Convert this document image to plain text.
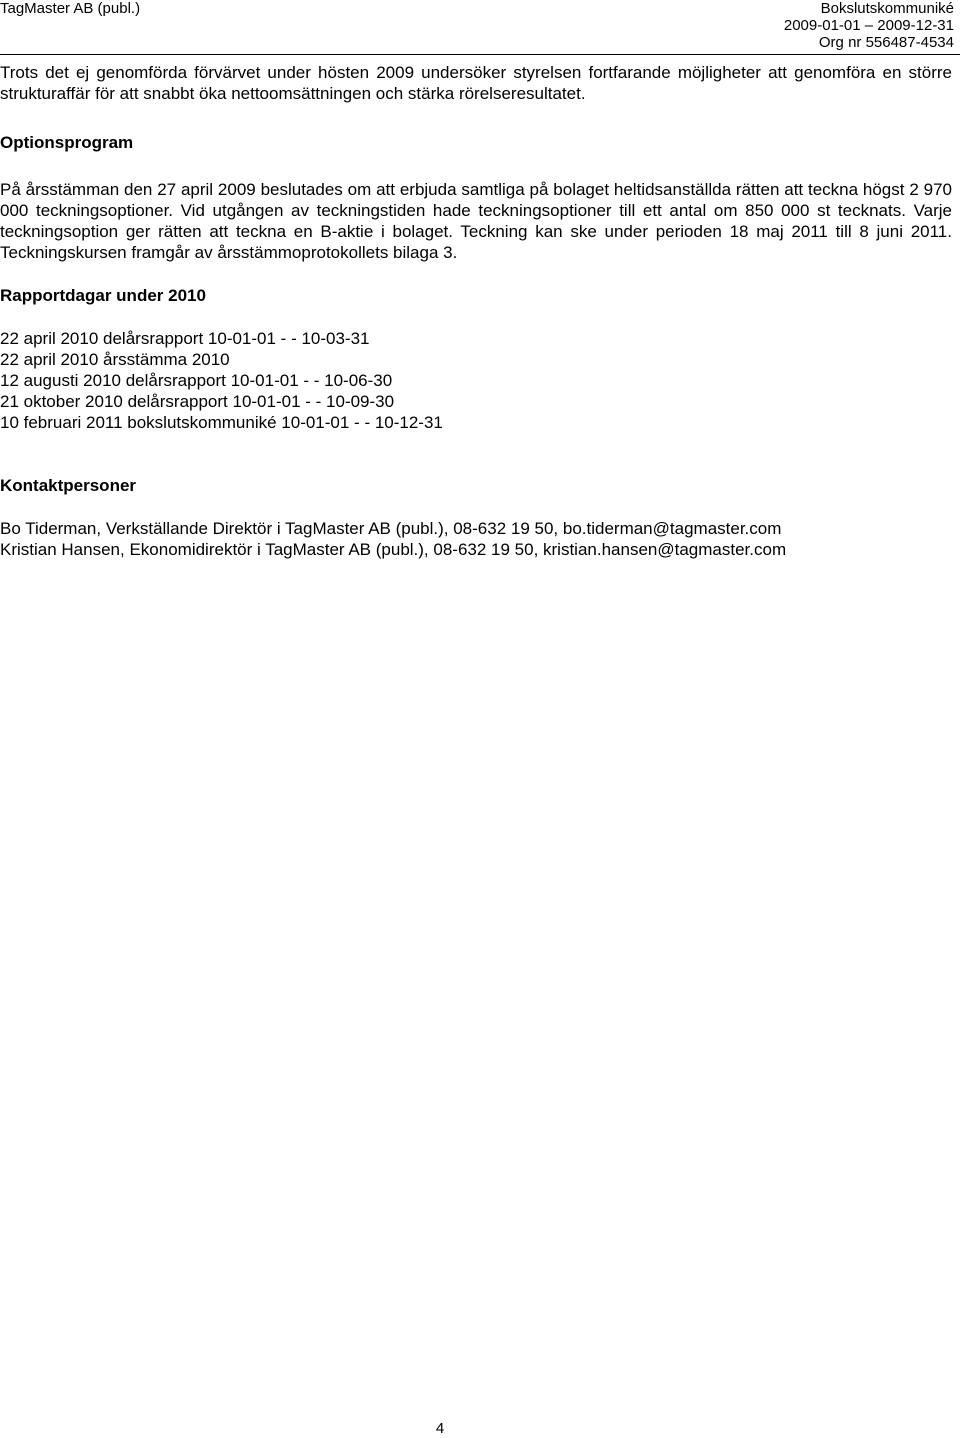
TagMaster AB (publ.)	Bokslutskommuniké
2009-01-01 – 2009-12-31
Org nr 556487-4534

Trots det ej genomförda förvärvet under hösten 2009 undersöker styrelsen fortfarande möjligheter att genomföra en större strukturaffär för att snabbt öka nettoomsättningen och stärka rörelseresultatet.

Optionsprogram

På årsstämman den 27 april 2009 beslutades om att erbjuda samtliga på bolaget heltidsanställda rätten att teckna högst 2 970 000 teckningsoptioner. Vid utgången av teckningstiden hade teckningsoptioner till ett antal om 850 000 st tecknats. Varje teckningsoption ger rätten att teckna en B-aktie i bolaget. Teckning kan ske under perioden 18 maj 2011 till 8 juni 2011. Teckningskursen framgår av årsstämmoprotokollets bilaga 3.

Rapportdagar under 2010

22 april 2010 delårsrapport 10-01-01 - - 10-03-31
22 april 2010 årsstämma 2010
12 augusti 2010 delårsrapport 10-01-01 - - 10-06-30
21 oktober 2010 delårsrapport 10-01-01 - - 10-09-30
10 februari 2011 bokslutskommuniké 10-01-01 - - 10-12-31

Kontaktpersoner

Bo Tiderman, Verkställande Direktör i TagMaster AB (publ.), 08-632 19 50, bo.tiderman@tagmaster.com
Kristian Hansen, Ekonomidirektör i TagMaster AB (publ.), 08-632 19 50, kristian.hansen@tagmaster.com
4
